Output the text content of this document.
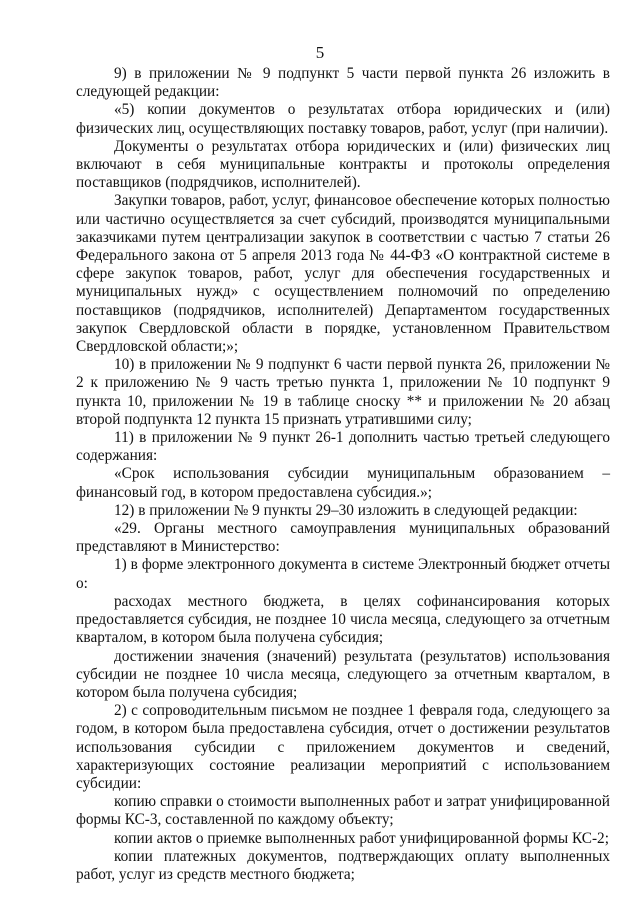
5

9) в приложении № 9 подпункт 5 части первой пункта 26 изложить в следующей редакции:

«5) копии документов о результатах отбора юридических и (или) физических лиц, осуществляющих поставку товаров, работ, услуг (при наличии).

Документы о результатах отбора юридических и (или) физических лиц включают в себя муниципальные контракты и протоколы определения поставщиков (подрядчиков, исполнителей).

Закупки товаров, работ, услуг, финансовое обеспечение которых полностью или частично осуществляется за счет субсидий, производятся муниципальными заказчиками путем централизации закупок в соответствии с частью 7 статьи 26 Федерального закона от 5 апреля 2013 года № 44-ФЗ «О контрактной системе в сфере закупок товаров, работ, услуг для обеспечения государственных и муниципальных нужд» с осуществлением полномочий по определению поставщиков (подрядчиков, исполнителей) Департаментом государственных закупок Свердловской области в порядке, установленном Правительством Свердловской области;»;

10) в приложении № 9 подпункт 6 части первой пункта 26, приложении № 2 к приложению № 9 часть третью пункта 1, приложении № 10 подпункт 9 пункта 10, приложении № 19 в таблице сноску ** и приложении № 20 абзац второй подпункта 12 пункта 15 признать утратившими силу;

11) в приложении № 9 пункт 26-1 дополнить частью третьей следующего содержания:

«Срок использования субсидии муниципальным образованием – финансовый год, в котором предоставлена субсидия.»;

12) в приложении № 9 пункты 29–30 изложить в следующей редакции:

«29. Органы местного самоуправления муниципальных образований представляют в Министерство:

1) в форме электронного документа в системе Электронный бюджет отчеты о:

расходах местного бюджета, в целях софинансирования которых предоставляется субсидия, не позднее 10 числа месяца, следующего за отчетным кварталом, в котором была получена субсидия;

достижении значения (значений) результата (результатов) использования субсидии не позднее 10 числа месяца, следующего за отчетным кварталом, в котором была получена субсидия;

2) с сопроводительным письмом не позднее 1 февраля года, следующего за годом, в котором была предоставлена субсидия, отчет о достижении результатов использования субсидии с приложением документов и сведений, характеризующих состояние реализации мероприятий с использованием субсидии:

копию справки о стоимости выполненных работ и затрат унифицированной формы КС-3, составленной по каждому объекту;

копии актов о приемке выполненных работ унифицированной формы КС-2;

копии платежных документов, подтверждающих оплату выполненных работ, услуг из средств местного бюджета;
